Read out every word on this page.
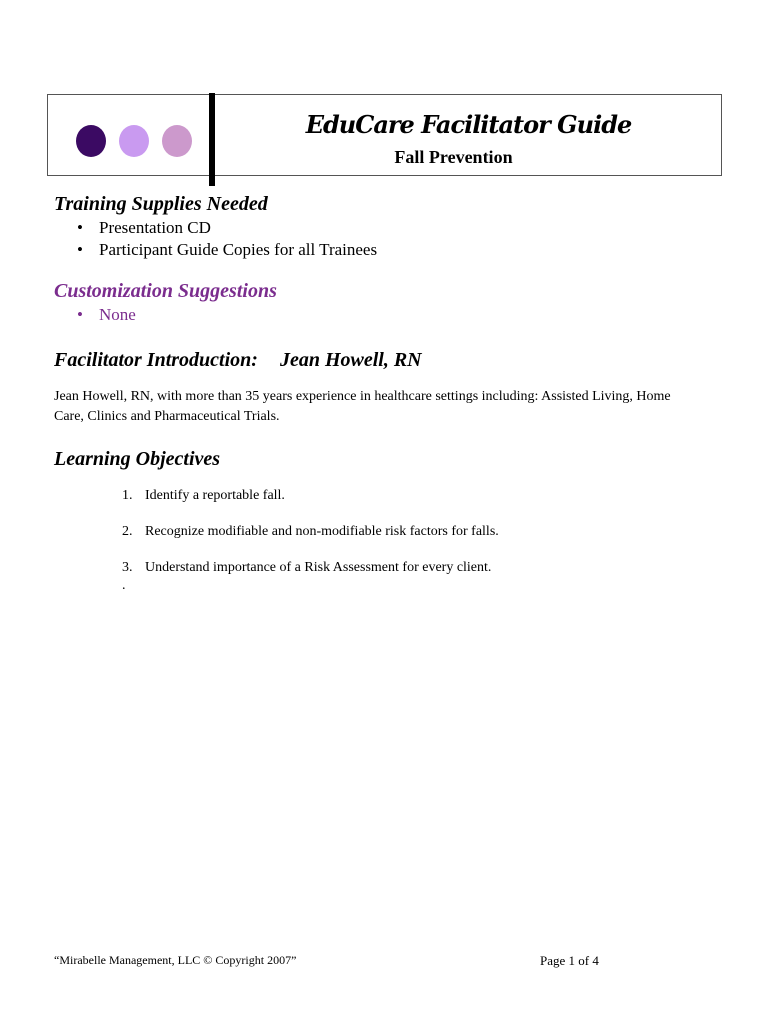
EduCare Facilitator Guide
Fall Prevention
Training Supplies Needed
• Presentation CD
• Participant Guide Copies for all Trainees
Customization Suggestions
• None
Facilitator Introduction: Jean Howell, RN

Jean Howell, RN, with more than 35 years experience in healthcare settings including: Assisted Living, Home Care, Clinics and Pharmaceutical Trials.

Learning Objectives
1. Identify a reportable fall.
2. Recognize modifiable and non-modifiable risk factors for falls.
3. Understand importance of a Risk Assessment for every client.
.
“Mirabelle Management, LLC © Copyright 2007”	Page 1 of 4
